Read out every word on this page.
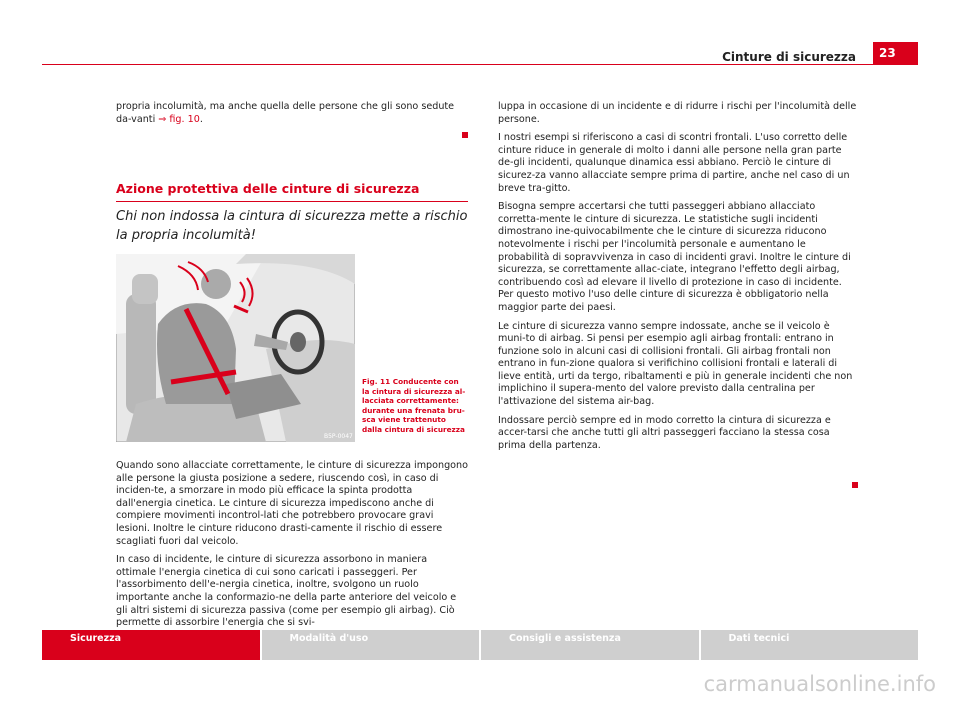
Cinture di sicurezza	23

propria incolumità, ma anche quella delle persone che gli sono sedute da-vanti ⇒ fig. 10.

Azione protettiva delle cinture di sicurezza
Chi non indossa la cintura di sicurezza mette a rischio la propria incolumità!
B5P-0047
Fig. 11 Conducente con la cintura di sicurezza al-lacciata correttamente: durante una frenata bru-sca viene trattenuto dalla cintura di sicurezza

Quando sono allacciate correttamente, le cinture di sicurezza impongono alle persone la giusta posizione a sedere, riuscendo così, in caso di inciden-te, a smorzare in modo più efficace la spinta prodotta dall'energia cinetica. Le cinture di sicurezza impediscono anche di compiere movimenti incontrol-lati che potrebbero provocare gravi lesioni. Inoltre le cinture riducono drasti-camente il rischio di essere scagliati fuori dal veicolo.

In caso di incidente, le cinture di sicurezza assorbono in maniera ottimale l'energia cinetica di cui sono caricati i passeggeri. Per l'assorbimento dell'e-nergia cinetica, inoltre, svolgono un ruolo importante anche la conformazio-ne della parte anteriore del veicolo e gli altri sistemi di sicurezza passiva (come per esempio gli airbag). Ciò permette di assorbire l'energia che si svi-

luppa in occasione di un incidente e di ridurre i rischi per l'incolumità delle persone.

I nostri esempi si riferiscono a casi di scontri frontali. L'uso corretto delle cinture riduce in generale di molto i danni alle persone nella gran parte de-gli incidenti, qualunque dinamica essi abbiano. Perciò le cinture di sicurez-za vanno allacciate sempre prima di partire, anche nel caso di un breve tra-gitto.

Bisogna sempre accertarsi che tutti passeggeri abbiano allacciato corretta-mente le cinture di sicurezza. Le statistiche sugli incidenti dimostrano ine-quivocabilmente che le cinture di sicurezza riducono notevolmente i rischi per l'incolumità personale e aumentano le probabilità di sopravvivenza in caso di incidenti gravi. Inoltre le cinture di sicurezza, se correttamente allac-ciate, integrano l'effetto degli airbag, contribuendo così ad elevare il livello di protezione in caso di incidente. Per questo motivo l'uso delle cinture di sicurezza è obbligatorio nella maggior parte dei paesi.

Le cinture di sicurezza vanno sempre indossate, anche se il veicolo è muni-to di airbag. Si pensi per esempio agli airbag frontali: entrano in funzione solo in alcuni casi di collisioni frontali. Gli airbag frontali non entrano in fun-zione qualora si verifichino collisioni frontali e laterali di lieve entità, urti da tergo, ribaltamenti e più in generale incidenti che non implichino il supera-mento del valore previsto dalla centralina per l'attivazione del sistema air-bag.

Indossare perciò sempre ed in modo corretto la cintura di sicurezza e accer-tarsi che anche tutti gli altri passeggeri facciano la stessa cosa prima della partenza.

Sicurezza	Modalità d'uso	Consigli e assistenza	Dati tecnici
carmanualsonline.info
